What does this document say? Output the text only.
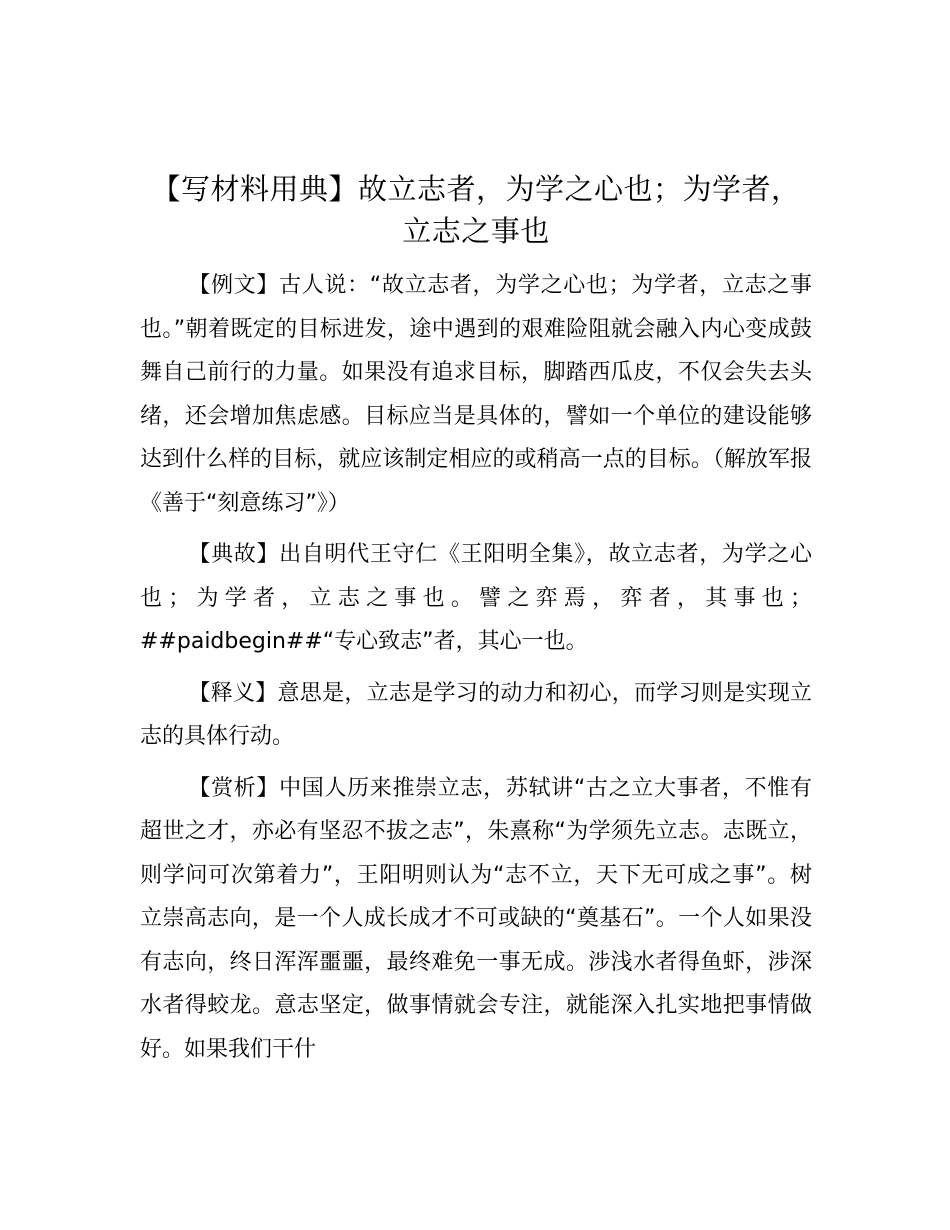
【写材料用典】故立志者，为学之心也；为学者，立志之事也

【例文】古人说：“故立志者，为学之心也；为学者，立志之事也。”朝着既定的目标进发，途中遇到的艰难险阻就会融入内心变成鼓舞自己前行的力量。如果没有追求目标，脚踏西瓜皮，不仅会失去头绪，还会增加焦虑感。目标应当是具体的，譬如一个单位的建设能够达到什么样的目标，就应该制定相应的或稍高一点的目标。（解放军报《善于“刻意练习”》）

【典故】出自明代王守仁《王阳明全集》，故立志者，为学之心也；为学者，立志之事也。譬之弈焉，弈者，其事也；##paidbegin##“专心致志”者，其心一也。

【释义】意思是，立志是学习的动力和初心，而学习则是实现立志的具体行动。

【赏析】中国人历来推崇立志，苏轼讲“古之立大事者，不惟有超世之才，亦必有坚忍不拔之志”，朱熹称“为学须先立志。志既立，则学问可次第着力”，王阳明则认为“志不立，天下无可成之事”。树立崇高志向，是一个人成长成才不可或缺的“奠基石”。一个人如果没有志向，终日浑浑噩噩，最终难免一事无成。涉浅水者得鱼虾，涉深水者得蛟龙。意志坚定，做事情就会专注，就能深入扎实地把事情做好。如果我们干什
